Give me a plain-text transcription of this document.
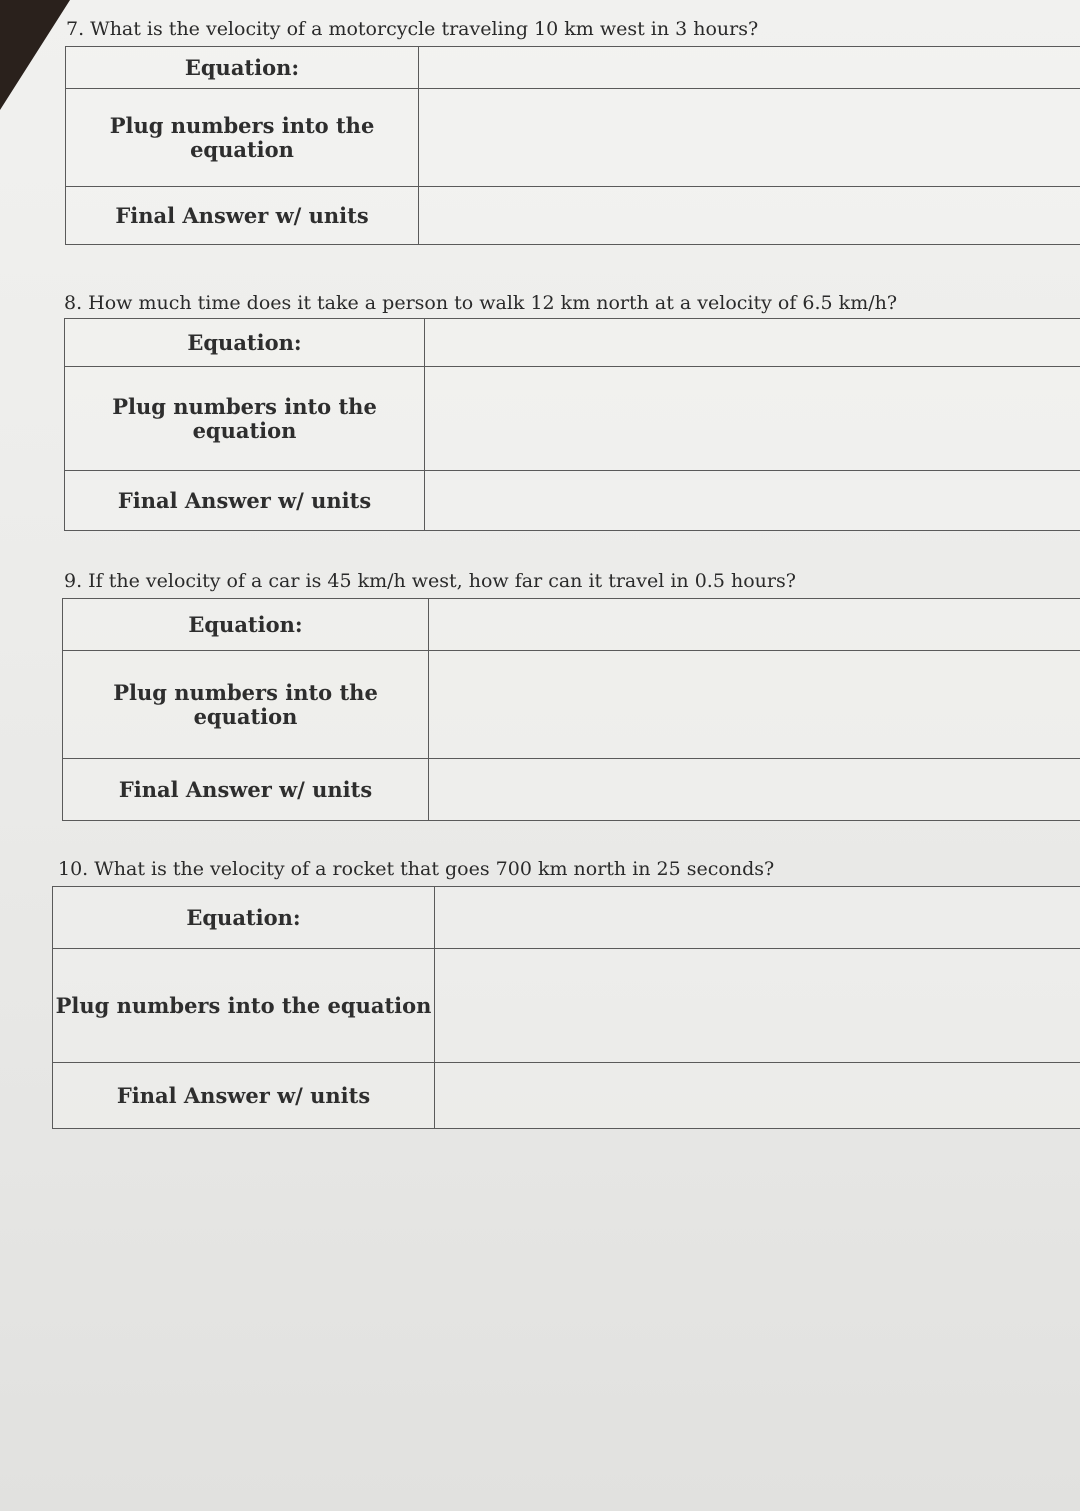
7. What is the velocity of a motorcycle traveling 10 km west in 3 hours?
Equation:	
Plug numbers into the equation	
Final Answer w/ units	
8. How much time does it take a person to walk 12 km north at a velocity of 6.5 km/h?
Equation:	
Plug numbers into the equation	
Final Answer w/ units	
9. If the velocity of a car is 45 km/h west, how far can it travel in 0.5 hours?
Equation:	
Plug numbers into the equation	
Final Answer w/ units	
10. What is the velocity of a rocket that goes 700 km north in 25 seconds?
Equation:	
Plug numbers into the equation	
Final Answer w/ units	
